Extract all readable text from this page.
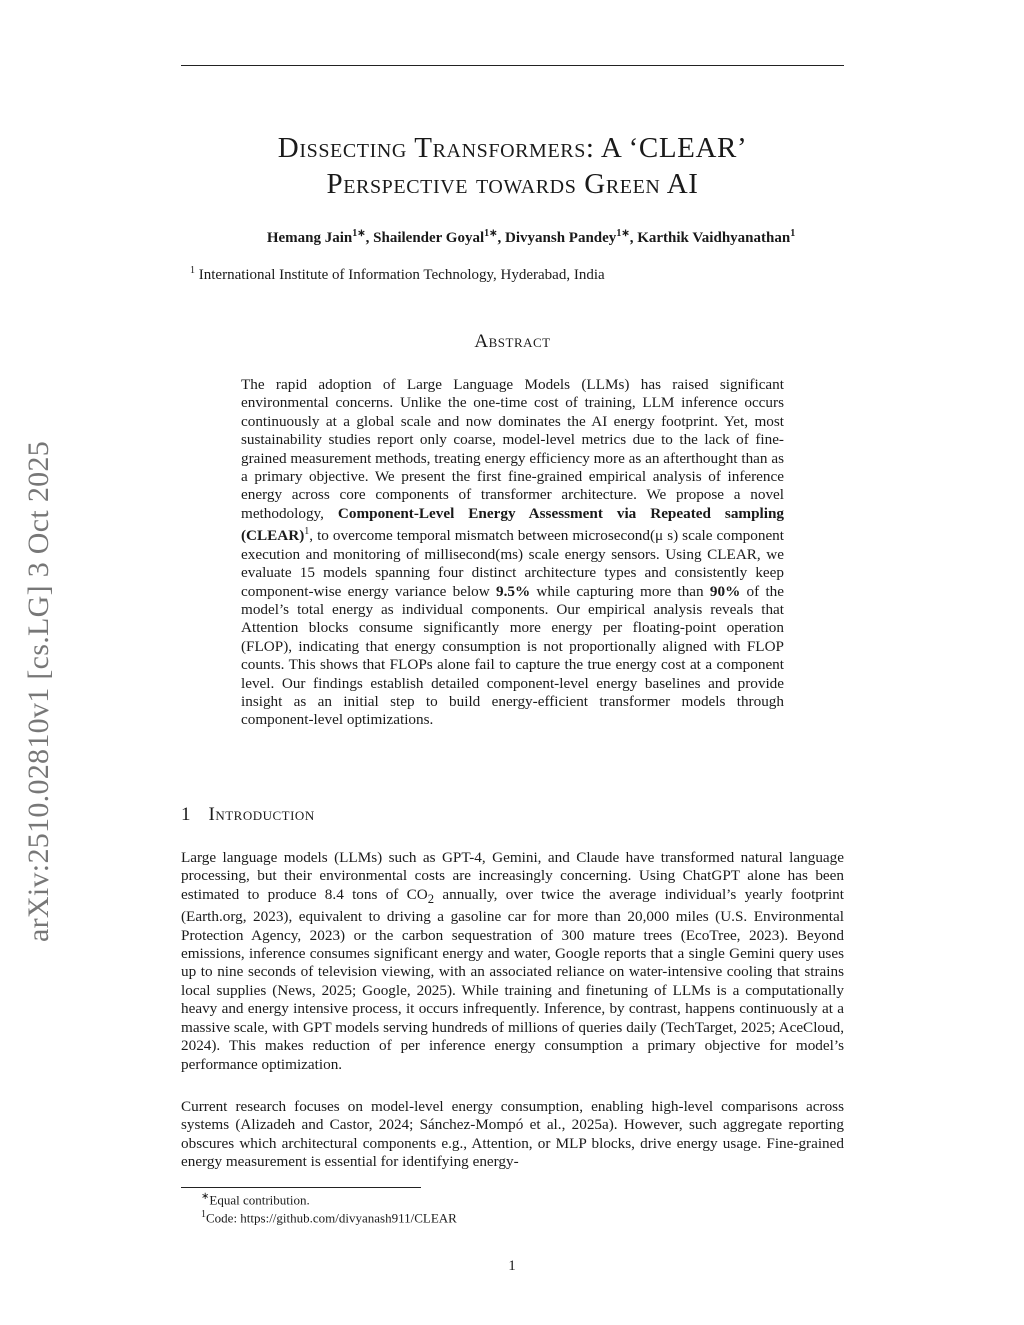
arXiv:2510.02810v1 [cs.LG] 3 Oct 2025
Dissecting Transformers: A ‘CLEAR’
Perspective towards Green AI
Hemang Jain$^{1∗}$, Shailender Goyal$^{1∗}$, Divyansh Pandey$^{1∗}$, Karthik Vaidhyanathan$^1$
$^1$ International Institute of Information Technology, Hyderabad, India
Abstract
The rapid adoption of Large Language Models (LLMs) has raised significant environmental concerns. Unlike the one-time cost of training, LLM inference occurs continuously at a global scale and now dominates the AI energy footprint. Yet, most sustainability studies report only coarse, model-level metrics due to the lack of fine-grained measurement methods, treating energy efficiency more as an afterthought than as a primary objective. We present the first fine-grained empirical analysis of inference energy across core components of transformer architecture. We propose a novel methodology, Component-Level Energy Assessment via Repeated sampling (CLEAR)$^1$, to overcome temporal mismatch between microsecond(μ s) scale component execution and monitoring of millisecond(ms) scale energy sensors. Using CLEAR, we evaluate 15 models spanning four distinct architecture types and consistently keep component-wise energy variance below 9.5% while capturing more than 90% of the model’s total energy as individual components. Our empirical analysis reveals that Attention blocks consume significantly more energy per floating-point operation (FLOP), indicating that energy consumption is not proportionally aligned with FLOP counts. This shows that FLOPs alone fail to capture the true energy cost at a component level. Our findings establish detailed component-level energy baselines and provide insight as an initial step to build energy-efficient transformer models through component-level optimizations.
1 Introduction
Large language models (LLMs) such as GPT-4, Gemini, and Claude have transformed natural language processing, but their environmental costs are increasingly concerning. Using ChatGPT alone has been estimated to produce 8.4 tons of $CO_2$ annually, over twice the average individual’s yearly footprint (Earth.org, 2023), equivalent to driving a gasoline car for more than 20,000 miles (U.S. Environmental Protection Agency, 2023) or the carbon sequestration of 300 mature trees (EcoTree, 2023). Beyond emissions, inference consumes significant energy and water, Google reports that a single Gemini query uses up to nine seconds of television viewing, with an associated reliance on water-intensive cooling that strains local supplies (News, 2025; Google, 2025). While training and finetuning of LLMs is a computationally heavy and energy intensive process, it occurs infrequently. Inference, by contrast, happens continuously at a massive scale, with GPT models serving hundreds of millions of queries daily (TechTarget, 2025; AceCloud, 2024). This makes reduction of per inference energy consumption a primary objective for model’s performance optimization.
Current research focuses on model-level energy consumption, enabling high-level comparisons across systems (Alizadeh and Castor, 2024; Sánchez-Mompó et al., 2025a). However, such aggregate reporting obscures which architectural components e.g., Attention, or MLP blocks, drive energy usage. Fine-grained energy measurement is essential for identifying energy-
∗Equal contribution.
$^1$Code: https://github.com/divyanash911/CLEAR
1
